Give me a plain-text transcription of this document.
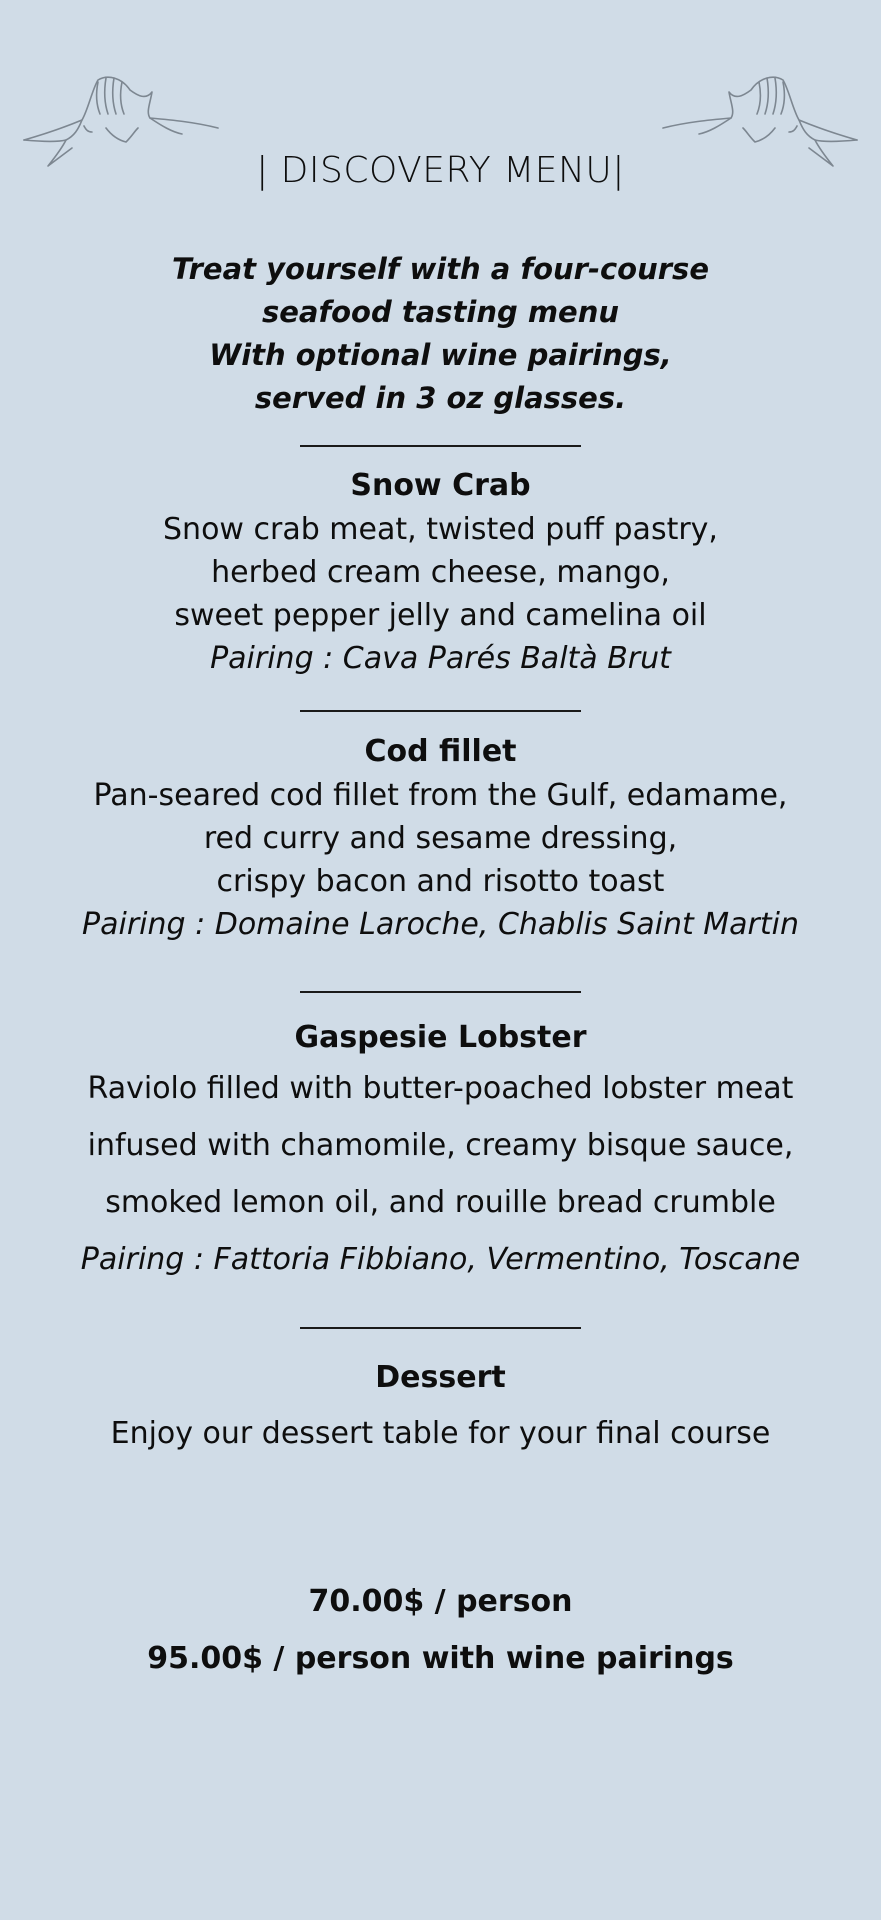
| DISCOVERY MENU|
Treat yourself with a four-course
seafood tasting menu
With optional wine pairings,
served in 3 oz glasses.
Snow Crab
Snow crab meat, twisted puff pastry,
herbed cream cheese, mango,
sweet pepper jelly and camelina oil
Pairing : Cava Parés Baltà Brut
Cod fillet
Pan-seared cod fillet from the Gulf, edamame,
red curry and sesame dressing,
crispy bacon and risotto toast
Pairing : Domaine Laroche, Chablis Saint Martin
Gaspesie Lobster
Raviolo filled with butter-poached lobster meat
infused with chamomile, creamy bisque sauce,
smoked lemon oil, and rouille bread crumble
Pairing : Fattoria Fibbiano, Vermentino, Toscane
Dessert
Enjoy our dessert table for your final course
70.00$ / person
95.00$ / person with wine pairings
